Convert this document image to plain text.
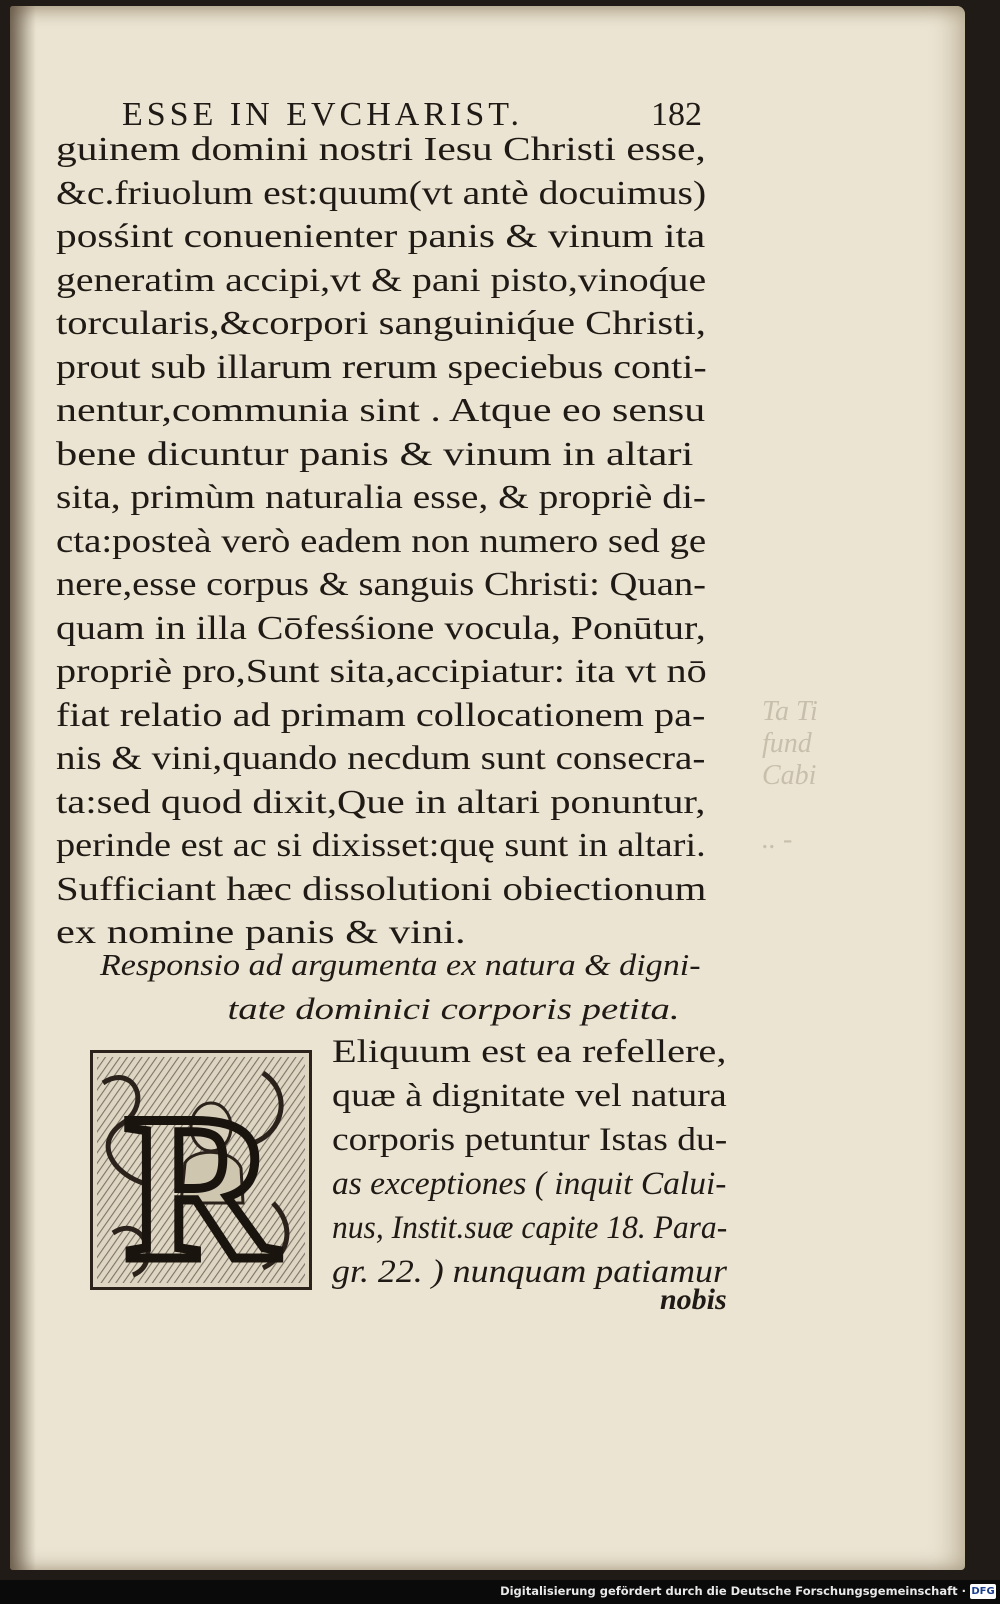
Ta Ti
fund
Cabi

.. -
ESSE IN EVCHARIST.	182
guinem domini nostri Iesu Christi esse,
&c.friuolum est:quum(vt antè docuimus)
posśint conuenienter panis & vinum ita
generatim accipi,vt & pani pisto,vinoq́ue
torcularis,&corpori sanguiniq́ue Christi,
prout sub illarum rerum speciebus conti-
nentur,communia sint . Atque eo sensu
bene dicuntur panis & vinum in altari
sita, primùm naturalia esse, & propriè di-
cta:posteà verò eadem non numero sed ge
nere,esse corpus & sanguis Christi: Quan-
quam in illa Cōfesśione vocula, Ponūtur,
propriè pro,Sunt sita,accipiatur: ita vt nō
fiat relatio ad primam collocationem pa-
nis & vini,quando necdum sunt consecra-
ta:sed quod dixit,Que in altari ponuntur,
perinde est ac si dixisset:quę sunt in altari.
Sufficiant hæc dissolutioni obiectionum
ex nomine panis & vini.
Responsio ad argumenta ex natura & digni-
tate dominici corporis petita.
R
Eliquum est ea refellere,
quæ à dignitate vel natura
corporis petuntur Istas du-
as exceptiones ( inquit Calui-
nus, Instit.suæ capite 18. Para-
gr. 22. ) nunquam patiamur
nobis
Digitalisierung gefördert durch die Deutsche Forschungsgemeinschaft · DFG
